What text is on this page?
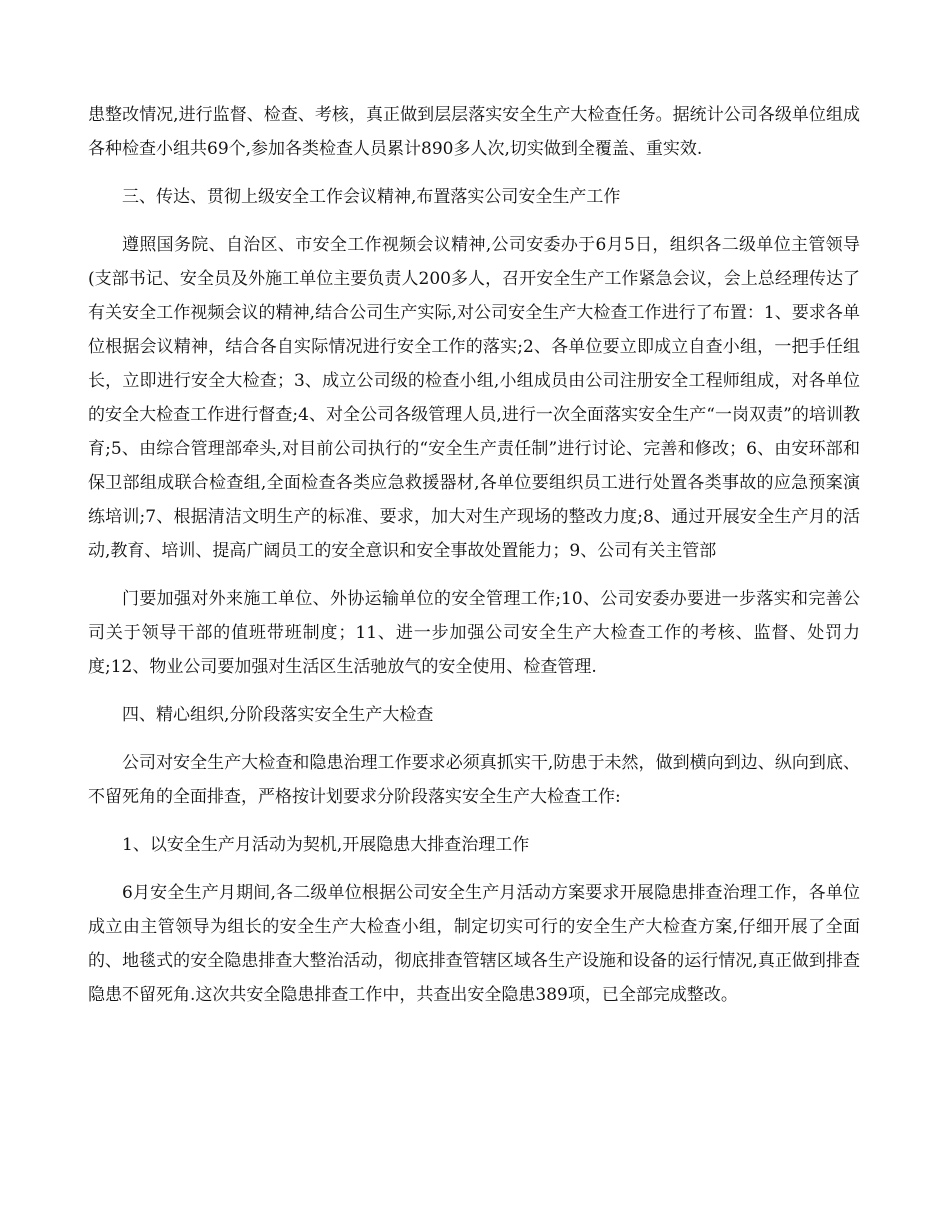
患整改情况,进行监督、检查、考核，真正做到层层落实安全生产大检查任务。据统计公司各级单位组成各种检查小组共69个,参加各类检查人员累计890多人次,切实做到全覆盖、重实效.

三、传达、贯彻上级安全工作会议精神,布置落实公司安全生产工作

遵照国务院、自治区、市安全工作视频会议精神,公司安委办于6月5日，组织各二级单位主管领导(支部书记、安全员及外施工单位主要负责人200多人，召开安全生产工作紧急会议，会上总经理传达了有关安全工作视频会议的精神,结合公司生产实际,对公司安全生产大检查工作进行了布置：1、要求各单位根据会议精神，结合各自实际情况进行安全工作的落实;2、各单位要立即成立自查小组，一把手任组长，立即进行安全大检查；3、成立公司级的检查小组,小组成员由公司注册安全工程师组成，对各单位的安全大检查工作进行督查;4、对全公司各级管理人员,进行一次全面落实安全生产“一岗双责”的培训教育;5、由综合管理部牵头,对目前公司执行的“安全生产责任制”进行讨论、完善和修改；6、由安环部和保卫部组成联合检查组,全面检查各类应急救援器材,各单位要组织员工进行处置各类事故的应急预案演练培训;7、根据清洁文明生产的标准、要求，加大对生产现场的整改力度;8、通过开展安全生产月的活动,教育、培训、提高广阔员工的安全意识和安全事故处置能力；9、公司有关主管部

门要加强对外来施工单位、外协运输单位的安全管理工作;10、公司安委办要进一步落实和完善公司关于领导干部的值班带班制度；11、进一步加强公司安全生产大检查工作的考核、监督、处罚力度;12、物业公司要加强对生活区生活驰放气的安全使用、检查管理.

四、精心组织,分阶段落实安全生产大检查

公司对安全生产大检查和隐患治理工作要求必须真抓实干,防患于未然，做到横向到边、纵向到底、不留死角的全面排查，严格按计划要求分阶段落实安全生产大检查工作:

1、以安全生产月活动为契机,开展隐患大排查治理工作

6月安全生产月期间,各二级单位根据公司安全生产月活动方案要求开展隐患排查治理工作，各单位成立由主管领导为组长的安全生产大检查小组，制定切实可行的安全生产大检查方案,仔细开展了全面的、地毯式的安全隐患排查大整治活动，彻底排查管辖区域各生产设施和设备的运行情况,真正做到排查隐患不留死角.这次共安全隐患排查工作中，共查出安全隐患389项，已全部完成整改。
